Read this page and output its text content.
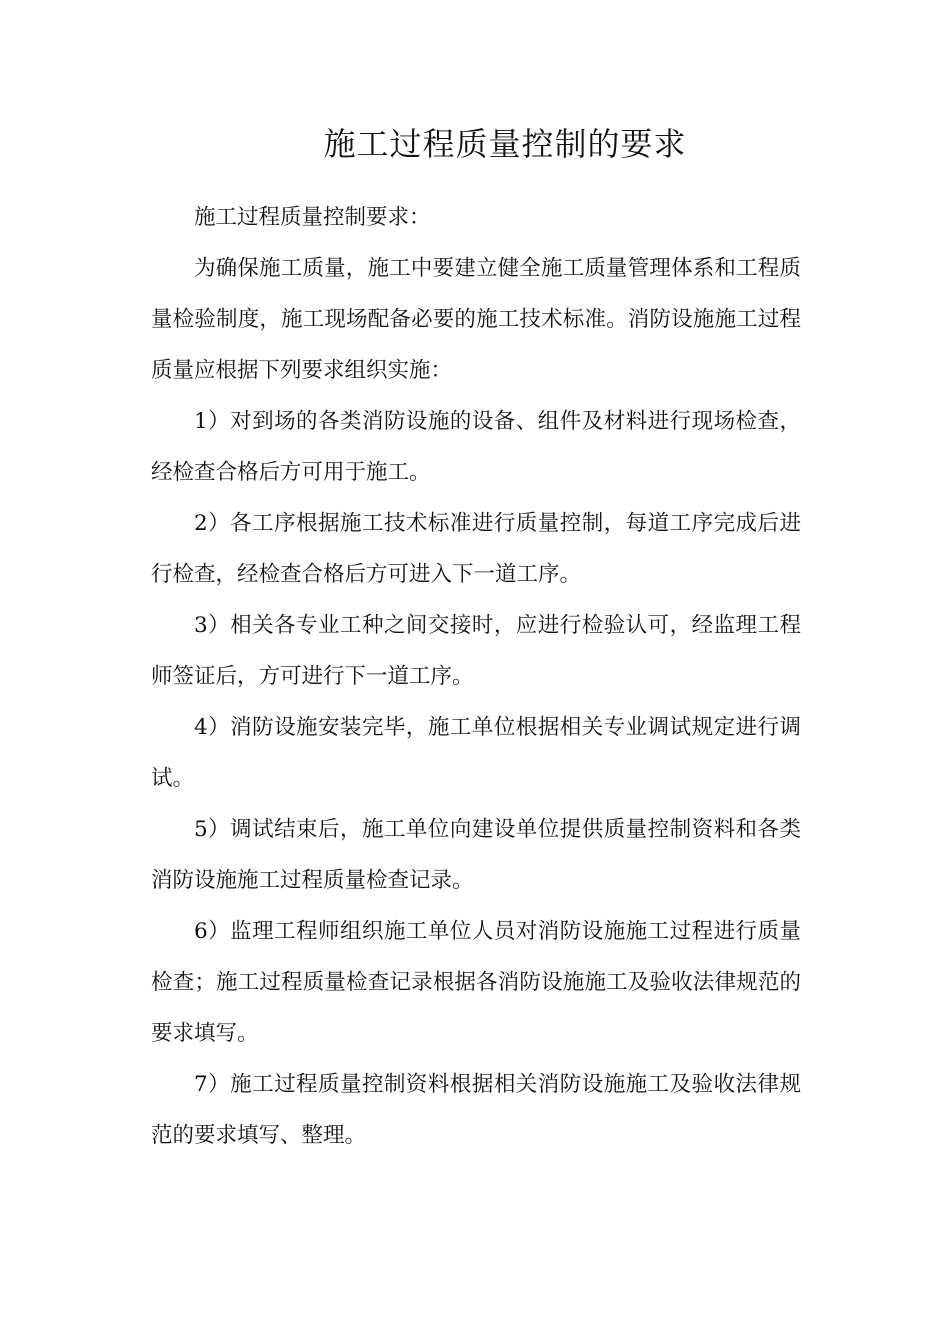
施工过程质量控制的要求

施工过程质量控制要求：

为确保施工质量，施工中要建立健全施工质量管理体系和工程质量检验制度，施工现场配备必要的施工技术标准。消防设施施工过程质量应根据下列要求组织实施：

1）对到场的各类消防设施的设备、组件及材料进行现场检查，经检查合格后方可用于施工。

2）各工序根据施工技术标准进行质量控制，每道工序完成后进行检查，经检查合格后方可进入下一道工序。

3）相关各专业工种之间交接时，应进行检验认可，经监理工程师签证后，方可进行下一道工序。

4）消防设施安装完毕，施工单位根据相关专业调试规定进行调试。

5）调试结束后，施工单位向建设单位提供质量控制资料和各类消防设施施工过程质量检查记录。

6）监理工程师组织施工单位人员对消防设施施工过程进行质量检查；施工过程质量检查记录根据各消防设施施工及验收法律规范的要求填写。

7）施工过程质量控制资料根据相关消防设施施工及验收法律规范的要求填写、整理。
